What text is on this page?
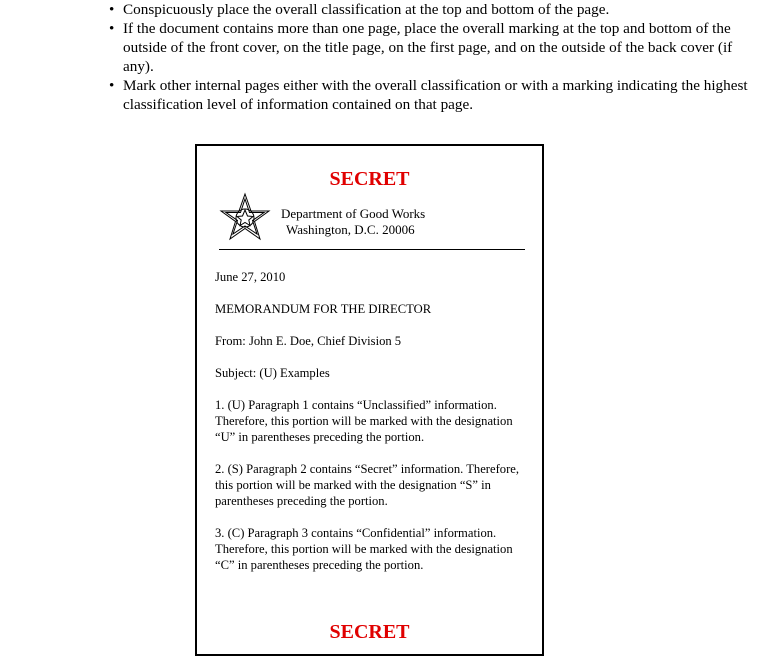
• Conspicuously place the overall classification at the top and bottom of the page.
• If the document contains more than one page, place the overall marking at the top and bottom of the outside of the front cover, on the title page, on the first page, and on the outside of the back cover (if any).
• Mark other internal pages either with the overall classification or with a marking indicating the highest classification level of information contained on that page.
SECRET
Department of Good Works
Washington, D.C. 20006
June 27, 2010
MEMORANDUM FOR THE DIRECTOR
From: John E. Doe, Chief Division 5
Subject: (U) Examples
1. (U) Paragraph 1 contains “Unclassified” information. Therefore, this portion will be marked with the designation “U” in parentheses preceding the portion.
2. (S) Paragraph 2 contains “Secret” information. Therefore, this portion will be marked with the designation “S” in parentheses preceding the portion.
3. (C) Paragraph 3 contains “Confidential” information. Therefore, this portion will be marked with the designation “C” in parentheses preceding the portion.
SECRET
